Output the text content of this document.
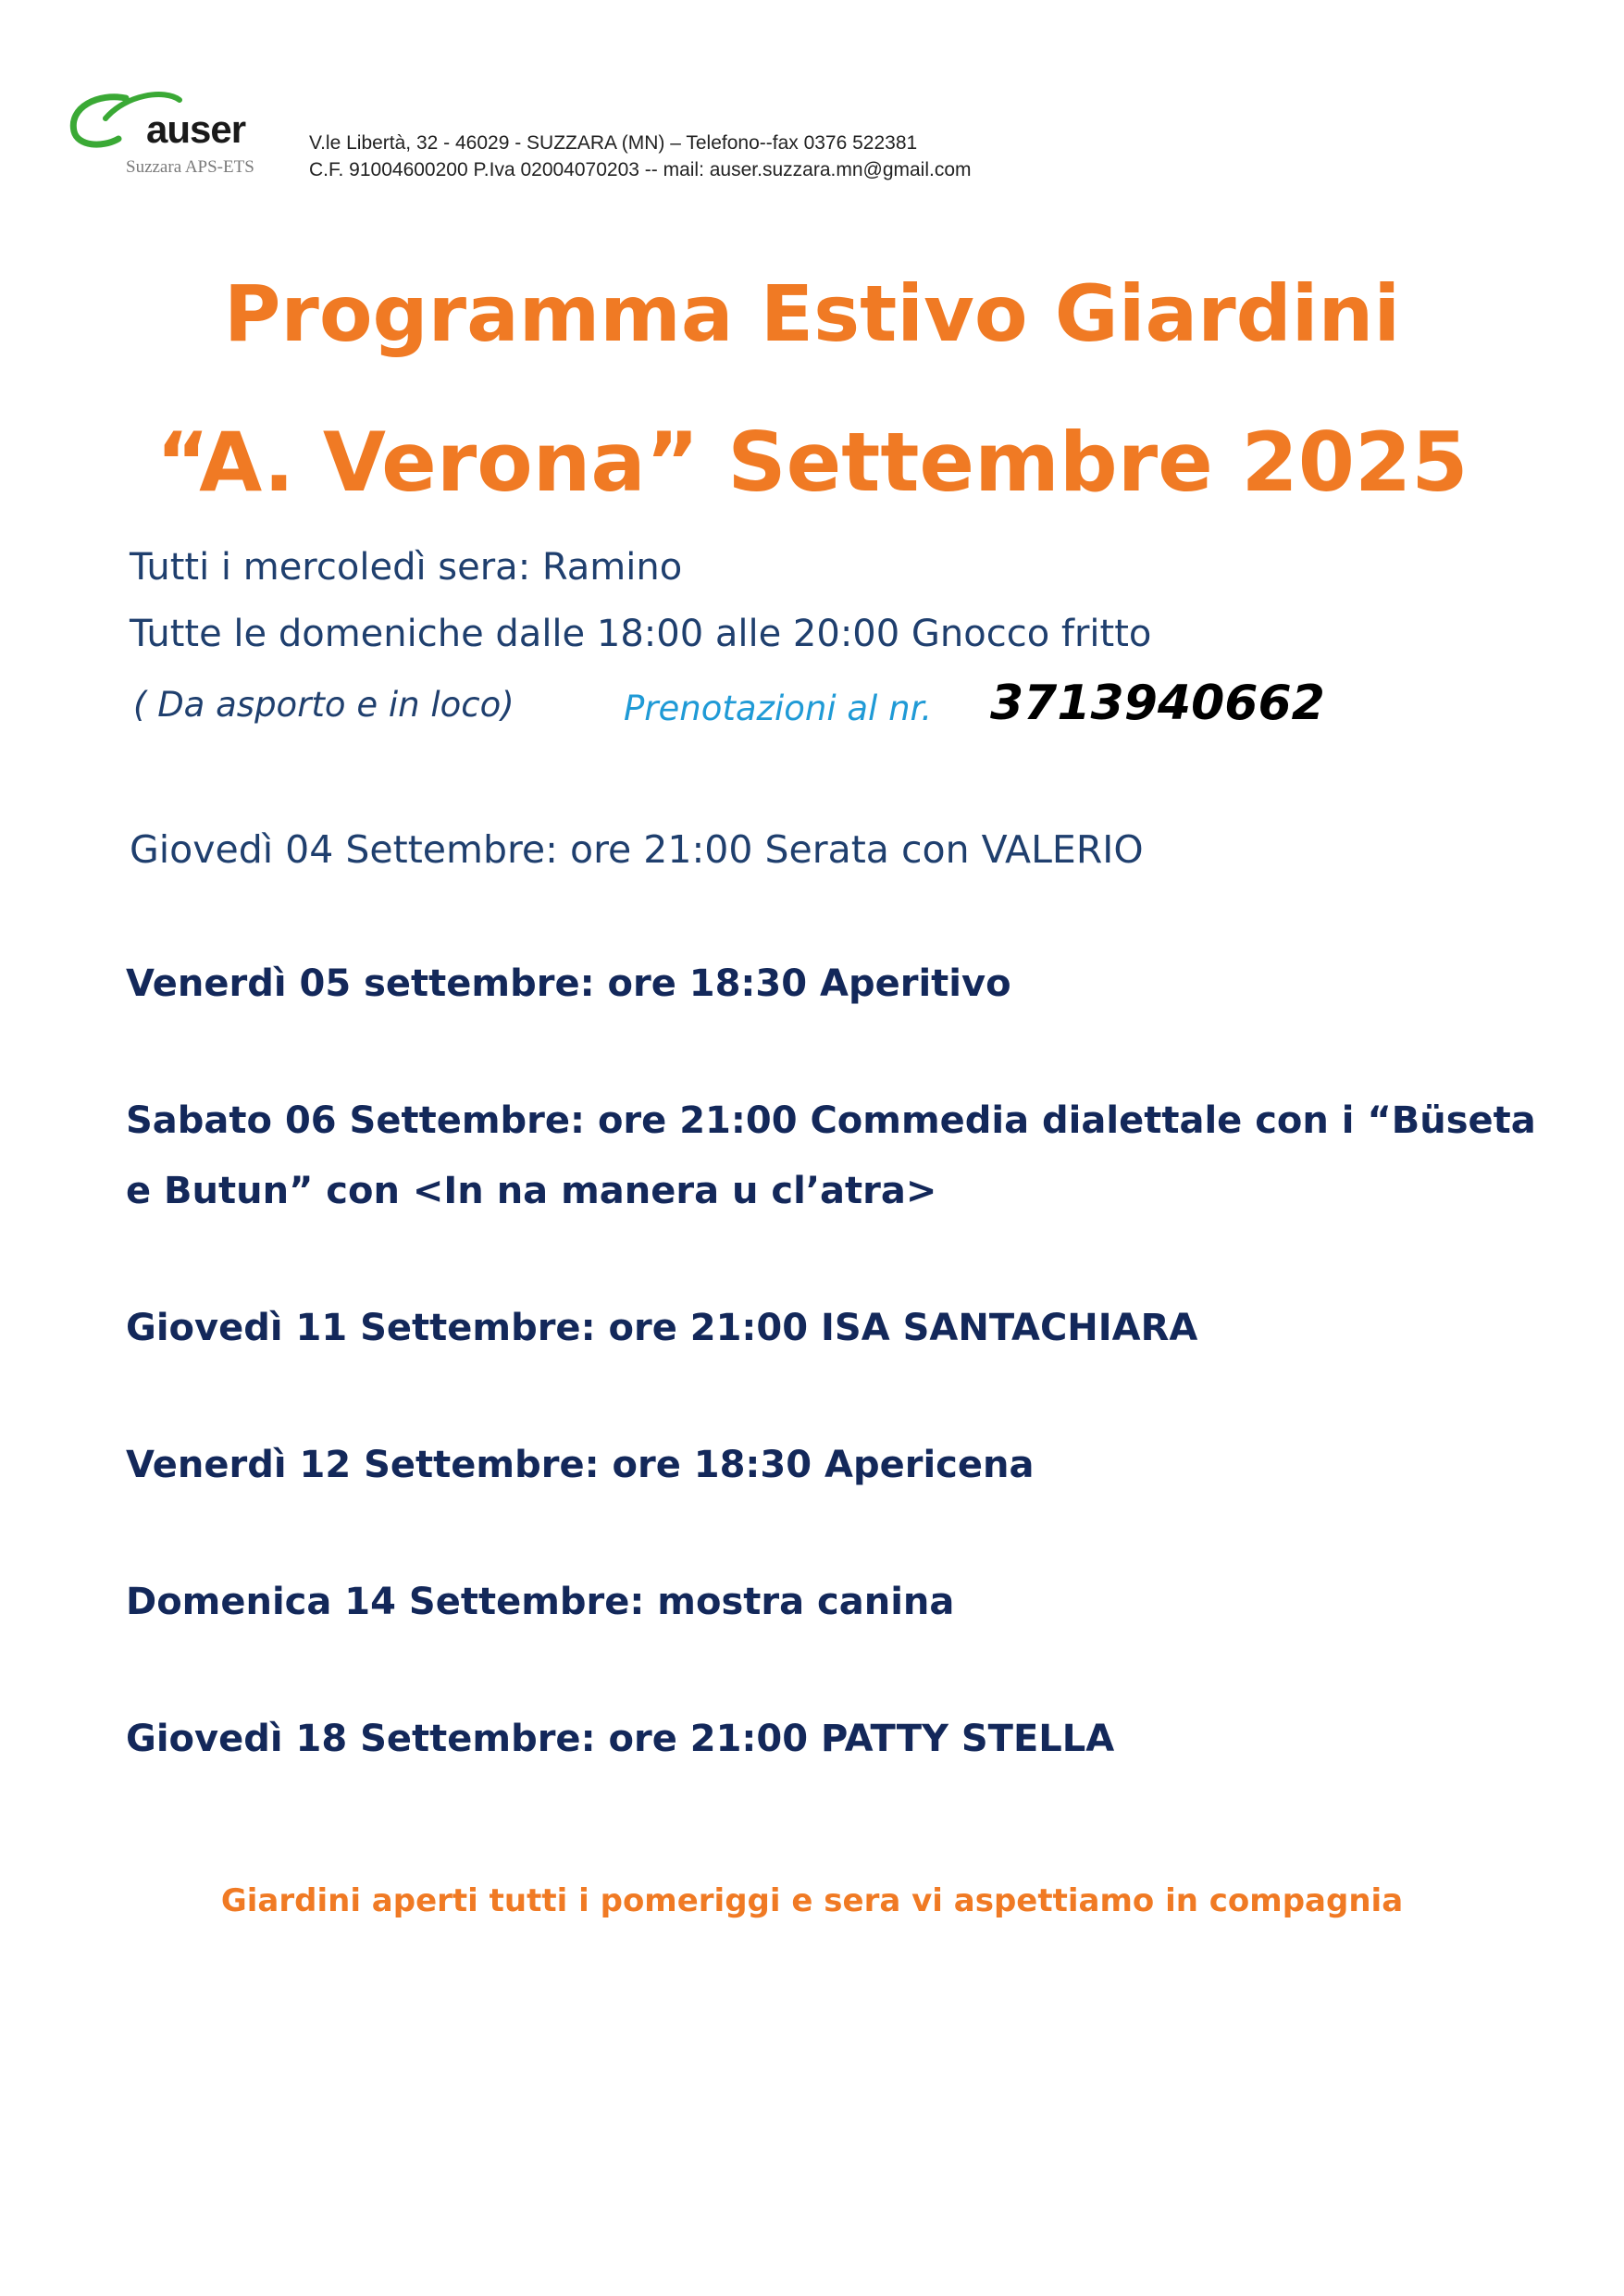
auser
Suzzara APS-ETS
V.le Libertà, 32 - 46029 - SUZZARA (MN) – Telefono--fax 0376 522381
C.F. 91004600200 P.Iva 02004070203 -- mail: auser.suzzara.mn@gmail.com
Programma Estivo Giardini
“A. Verona” Settembre 2025
Tutti i mercoledì sera: Ramino
Tutte le domeniche dalle 18:00 alle 20:00 Gnocco fritto
( Da asporto e in loco)	Prenotazioni al nr. 3713940662
Giovedì 04 Settembre: ore 21:00 Serata con VALERIO
Venerdì 05 settembre: ore 18:30 Aperitivo
Sabato 06 Settembre: ore 21:00 Commedia dialettale con i “Büseta
e Butun” con <In na manera u cl’atra>
Giovedì 11 Settembre: ore 21:00 ISA SANTACHIARA
Venerdì 12 Settembre: ore 18:30 Apericena
Domenica 14 Settembre: mostra canina
Giovedì 18 Settembre: ore 21:00 PATTY STELLA
Giardini aperti tutti i pomeriggi e sera vi aspettiamo in compagnia
